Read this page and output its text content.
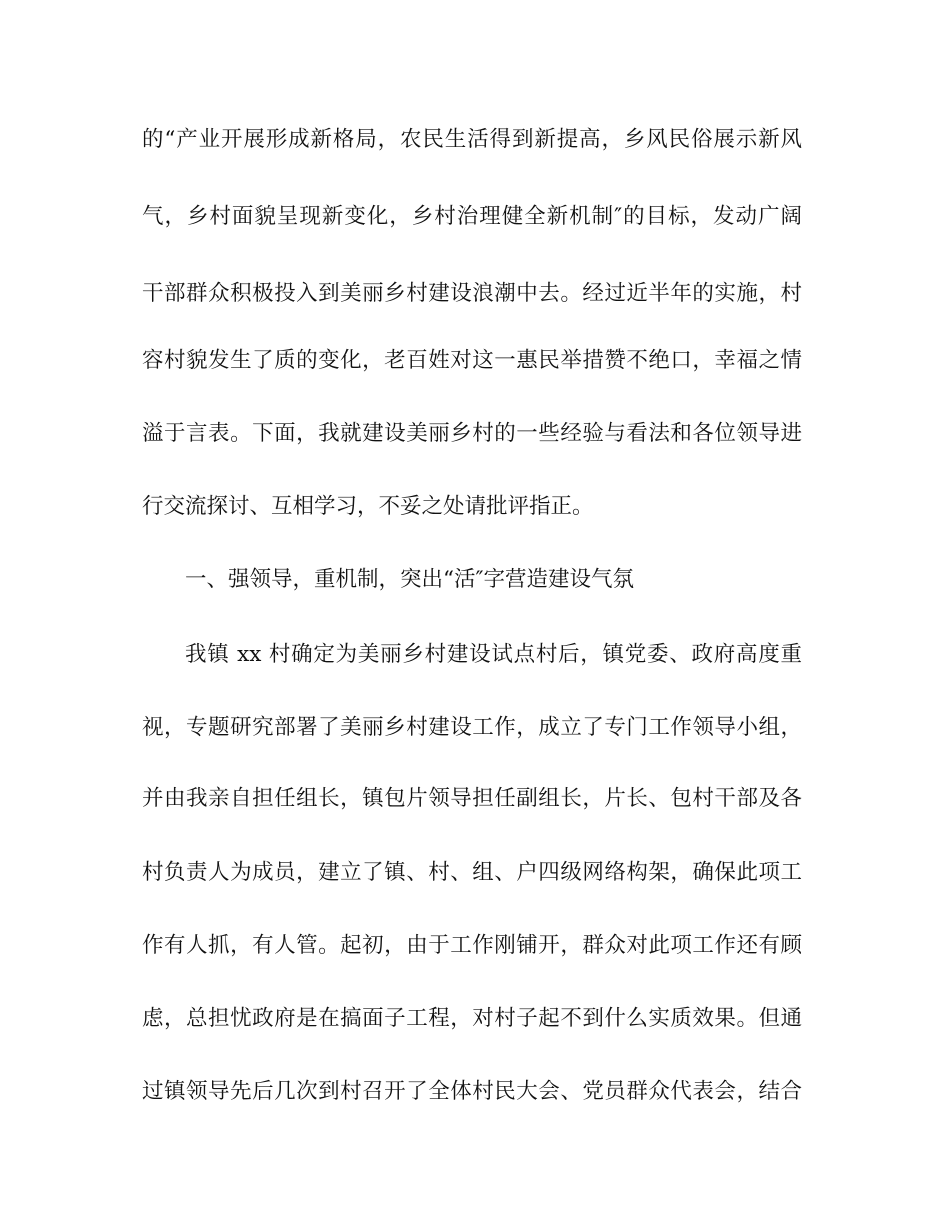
的“产业开展形成新格局，农民生活得到新提高，乡风民俗展示新风

气，乡村面貌呈现新变化，乡村治理健全新机制″的目标，发动广阔

干部群众积极投入到美丽乡村建设浪潮中去。经过近半年的实施，村

容村貌发生了质的变化，老百姓对这一惠民举措赞不绝口，幸福之情

溢于言表。下面，我就建设美丽乡村的一些经验与看法和各位领导进

行交流探讨、互相学习，不妥之处请批评指正。

一、强领导，重机制，突出“活″字营造建设气氛

我镇 xx 村确定为美丽乡村建设试点村后，镇党委、政府高度重

视，专题研究部署了美丽乡村建设工作，成立了专门工作领导小组，

并由我亲自担任组长，镇包片领导担任副组长，片长、包村干部及各

村负责人为成员，建立了镇、村、组、户四级网络构架，确保此项工

作有人抓，有人管。起初，由于工作刚铺开，群众对此项工作还有顾

虑，总担忧政府是在搞面子工程，对村子起不到什么实质效果。但通

过镇领导先后几次到村召开了全体村民大会、党员群众代表会，结合
